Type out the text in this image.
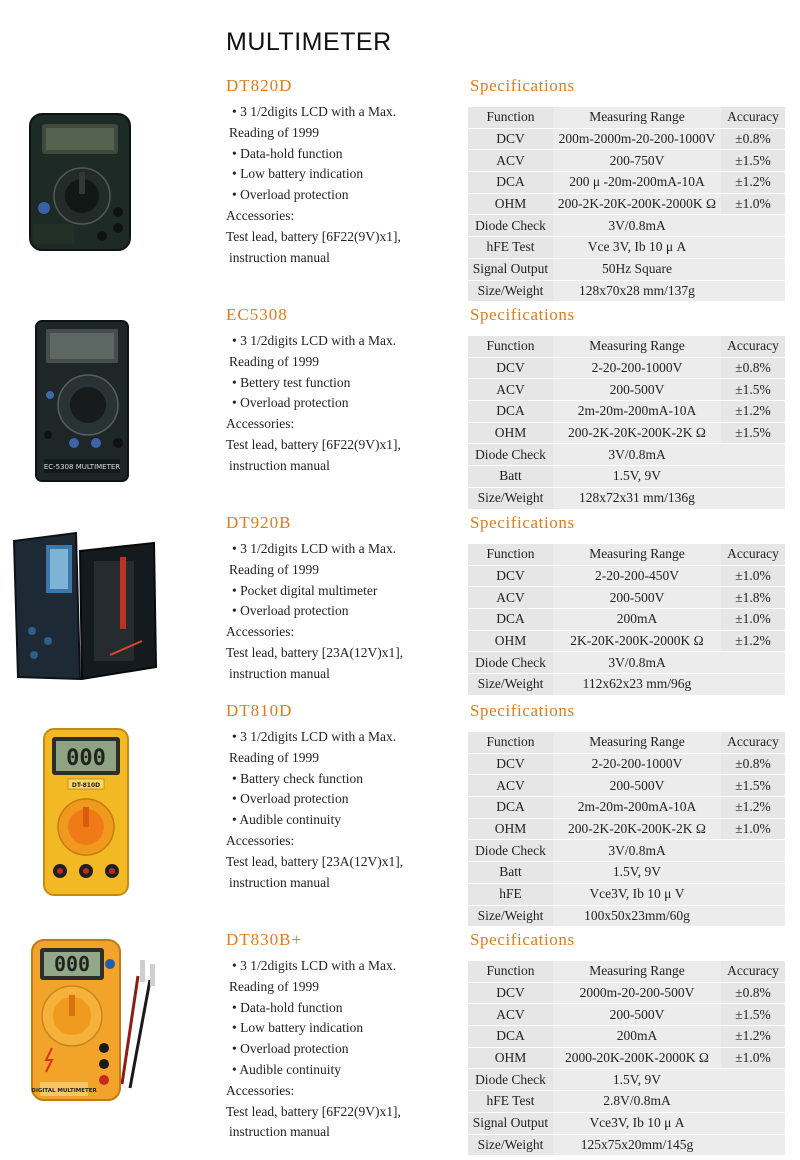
MULTIMETER
DT820D	Specifications
• 3 1/2digits LCD with a Max.
Reading of 1999
• Data-hold function
• Low battery indication
• Overload protection
Accessories:
Test lead, battery [6F22(9V)x1],
instruction manual
Function	Measuring Range	Accuracy
DCV	200m-2000m-20-200-1000V	±0.8%
ACV	200-750V	±1.5%
DCA	200 μ -20m-200mA-10A	±1.2%
OHM	200-2K-20K-200K-2000K Ω	±1.0%
Diode Check	3V/0.8mA	
hFE Test	Vce 3V, Ib 10 μ A	
Signal Output	50Hz Square	
Size/Weight	128x70x28 mm/137g	
EC5308	Specifications
EC-5308 MULTIMETER
• 3 1/2digits LCD with a Max.
Reading of 1999
• Bettery test function
• Overload protection
Accessories:
Test lead, battery [6F22(9V)x1],
instruction manual
Function	Measuring Range	Accuracy
DCV	2-20-200-1000V	±0.8%
ACV	200-500V	±1.5%
DCA	2m-20m-200mA-10A	±1.2%
OHM	200-2K-20K-200K-2K Ω	±1.5%
Diode Check	3V/0.8mA	
Batt	1.5V, 9V	
Size/Weight	128x72x31 mm/136g	
DT920B	Specifications
• 3 1/2digits LCD with a Max.
Reading of 1999
• Pocket digital multimeter
• Overload protection
Accessories:
Test lead, battery [23A(12V)x1],
instruction manual
Function	Measuring Range	Accuracy
DCV	2-20-200-450V	±1.0%
ACV	200-500V	±1.8%
DCA	200mA	±1.0%
OHM	2K-20K-200K-2000K Ω	±1.2%
Diode Check	3V/0.8mA	
Size/Weight	112x62x23 mm/96g	
DT810D	Specifications
000
DT-810D
• 3 1/2digits LCD with a Max.
Reading of 1999
• Battery check function
• Overload protection
• Audible continuity
Accessories:
Test lead, battery [23A(12V)x1],
instruction manual
Function	Measuring Range	Accuracy
DCV	2-20-200-1000V	±0.8%
ACV	200-500V	±1.5%
DCA	2m-20m-200mA-10A	±1.2%
OHM	200-2K-20K-200K-2K Ω	±1.0%
Diode Check	3V/0.8mA	
Batt	1.5V, 9V	
hFE	Vce3V, Ib 10 μ V	
Size/Weight	100x50x23mm/60g	
DT830B+	Specifications
000
DIGITAL MULTIMETER
• 3 1/2digits LCD with a Max.
Reading of 1999
• Data-hold function
• Low battery indication
• Overload protection
• Audible continuity
Accessories:
Test lead, battery [6F22(9V)x1],
instruction manual
Function	Measuring Range	Accuracy
DCV	2000m-20-200-500V	±0.8%
ACV	200-500V	±1.5%
DCA	200mA	±1.2%
OHM	2000-20K-200K-2000K Ω	±1.0%
Diode Check	1.5V, 9V	
hFE Test	2.8V/0.8mA	
Signal Output	Vce3V, Ib 10 μ A	
Size/Weight	125x75x20mm/145g	
